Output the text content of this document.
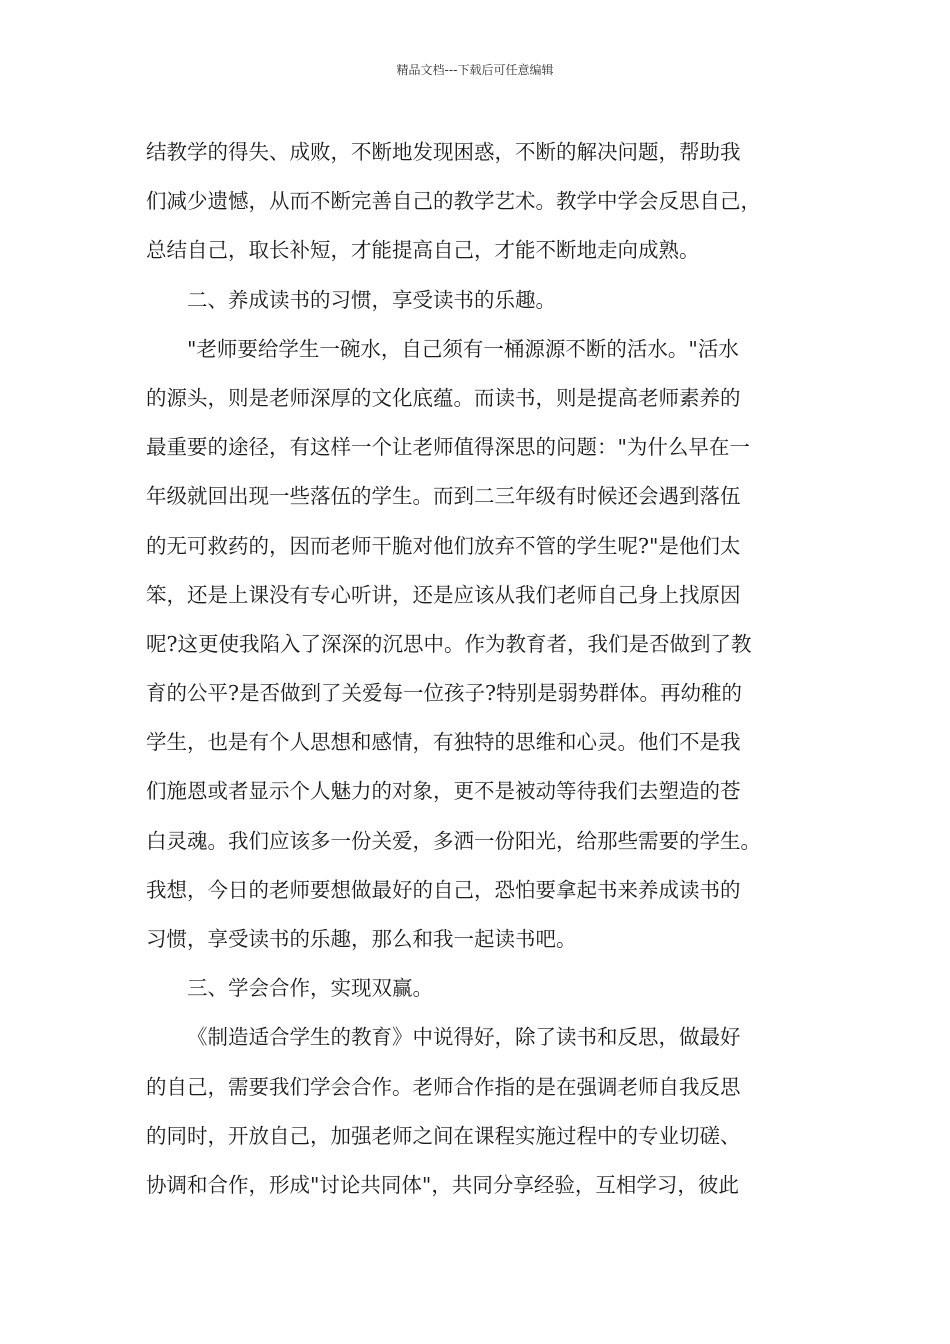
精品文档---下载后可任意编辑
结教学的得失、成败，不断地发现困惑，不断的解决问题，帮助我
们减少遗憾，从而不断完善自己的教学艺术。教学中学会反思自己，
总结自己，取长补短，才能提高自己，才能不断地走向成熟。
二、养成读书的习惯，享受读书的乐趣。
"老师要给学生一碗水，自己须有一桶源源不断的活水。"活水
的源头，则是老师深厚的文化底蕴。而读书，则是提高老师素养的
最重要的途径，有这样一个让老师值得深思的问题："为什么早在一
年级就回出现一些落伍的学生。而到二三年级有时候还会遇到落伍
的无可救药的，因而老师干脆对他们放弃不管的学生呢?"是他们太
笨，还是上课没有专心听讲，还是应该从我们老师自己身上找原因
呢?这更使我陷入了深深的沉思中。作为教育者，我们是否做到了教
育的公平?是否做到了关爱每一位孩子?特别是弱势群体。再幼稚的
学生，也是有个人思想和感情，有独特的思维和心灵。他们不是我
们施恩或者显示个人魅力的对象，更不是被动等待我们去塑造的苍
白灵魂。我们应该多一份关爱，多洒一份阳光，给那些需要的学生。
我想，今日的老师要想做最好的自己，恐怕要拿起书来养成读书的
习惯，享受读书的乐趣，那么和我一起读书吧。
三、学会合作，实现双赢。
《制造适合学生的教育》中说得好，除了读书和反思，做最好
的自己，需要我们学会合作。老师合作指的是在强调老师自我反思
的同时，开放自己，加强老师之间在课程实施过程中的专业切磋、
协调和合作，形成"讨论共同体"，共同分享经验，互相学习，彼此
